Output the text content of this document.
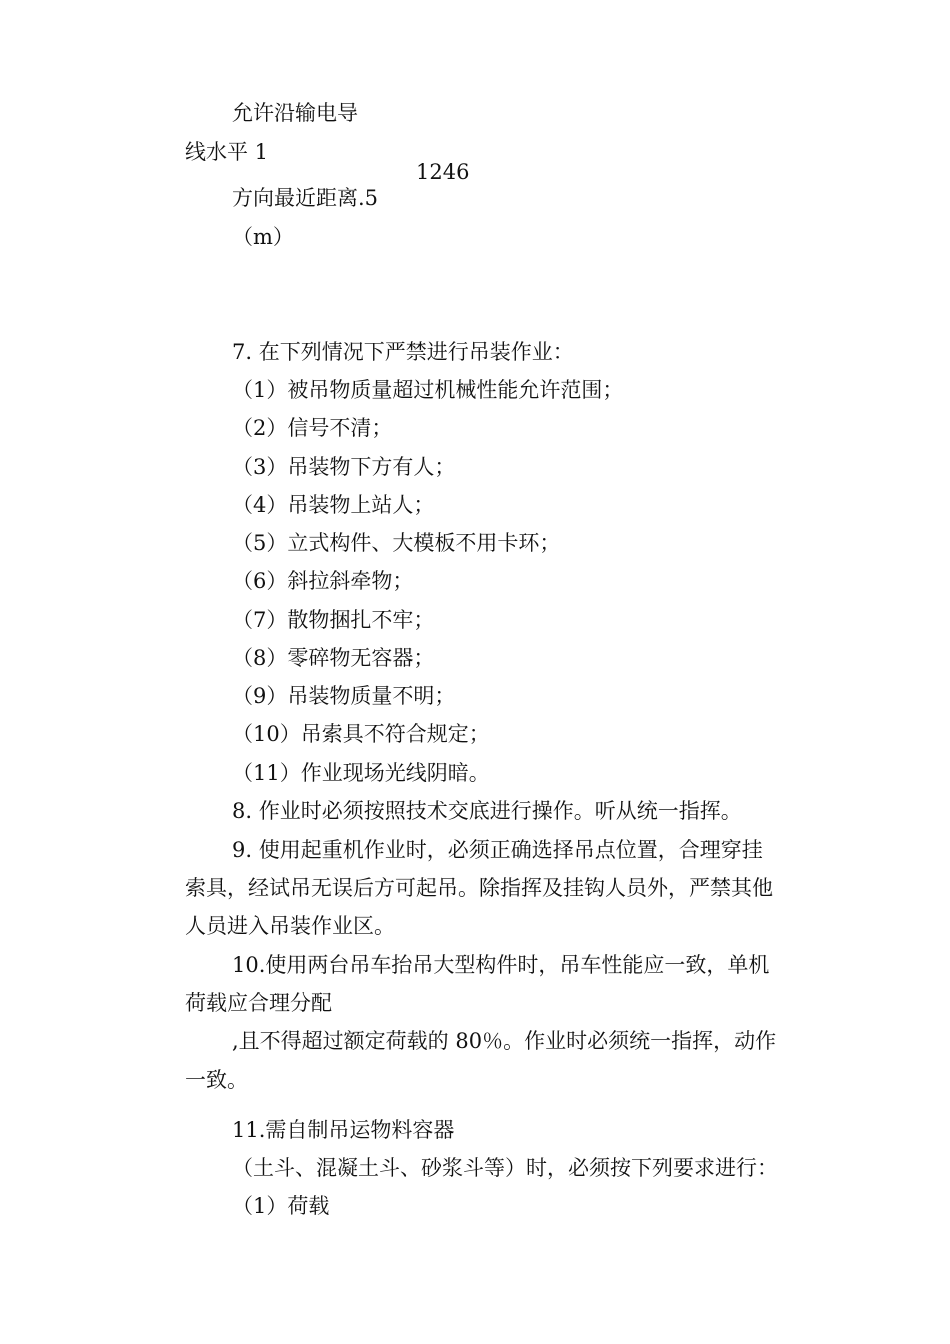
允许沿输电导
线水平 1
1246
方向最近距离.5
（m）
7. 在下列情况下严禁进行吊装作业：
（1）被吊物质量超过机械性能允许范围；
（2）信号不清；
（3）吊装物下方有人；
（4）吊装物上站人；
（5）立式构件、大模板不用卡环；
（6）斜拉斜牵物；
（7）散物捆扎不牢；
（8）零碎物无容器；
（9）吊装物质量不明；
（10）吊索具不符合规定；
（11）作业现场光线阴暗。
8. 作业时必须按照技术交底进行操作。听从统一指挥。
9. 使用起重机作业时，必须正确选择吊点位置，合理穿挂
索具，经试吊无误后方可起吊。除指挥及挂钩人员外，严禁其他
人员进入吊装作业区。
10.使用两台吊车抬吊大型构件时，吊车性能应一致，单机
荷载应合理分配
,且不得超过额定荷载的 80％。作业时必须统一指挥，动作
一致。
11.需自制吊运物料容器
（土斗、混凝土斗、砂浆斗等）时，必须按下列要求进行：
（1）荷载
